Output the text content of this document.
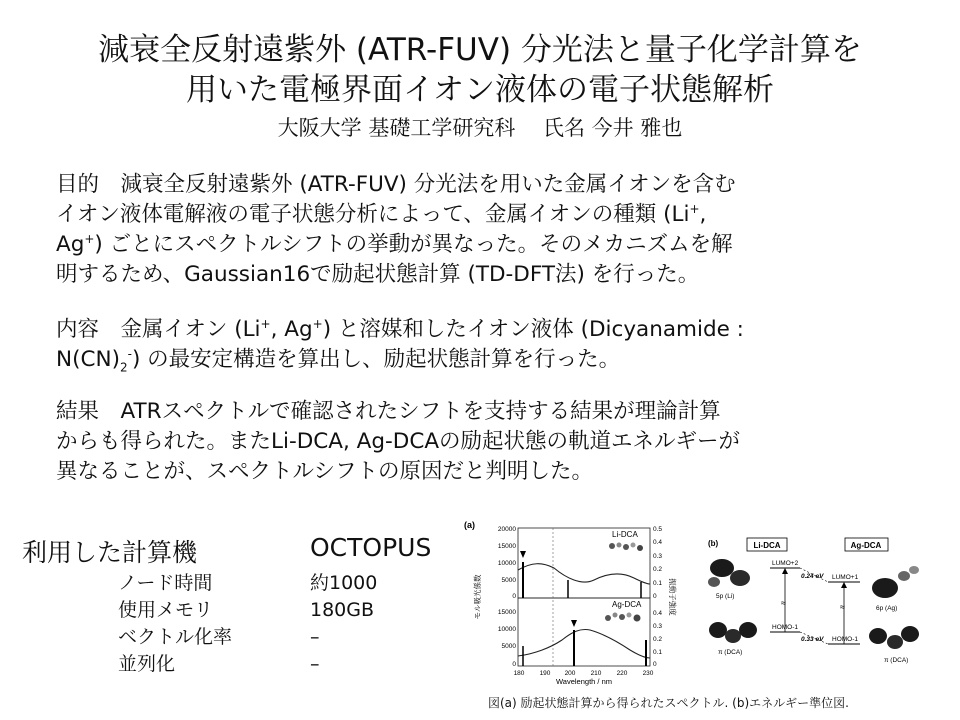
減衰全反射遠紫外 (ATR-FUV) 分光法と量子化学計算を
用いた電極界面イオン液体の電子状態解析
大阪大学 基礎工学研究科　 氏名 今井 雅也
目的　減衰全反射遠紫外 (ATR-FUV) 分光法を用いた金属イオンを含む
イオン液体電解液の電子状態分析によって、金属イオンの種類 (Li+,
Ag+) ごとにスペクトルシフトの挙動が異なった。そのメカニズムを解
明するため、Gaussian16で励起状態計算 (TD-DFT法) を行った。
内容　金属イオン (Li+, Ag+) と溶媒和したイオン液体 (Dicyanamide :
$N(CN)_2^-$) の最安定構造を算出し、励起状態計算を行った。
結果　ATRスペクトルで確認されたシフトを支持する結果が理論計算
からも得られた。またLi-DCA, Ag-DCAの励起状態の軌道エネルギーが
異なることが、スペクトルシフトの原因だと判明した。
利用した計算機	OCTOPUS
ノード時間	約1000
使用メモリ	180GB
ベクトル化率	–
並列化	–
(a)
Li-DCA
Ag-DCA
20000
15000
10000
5000
0
15000
10000
5000
0
0.5
0.4
0.3
0.2
0.1
0
0.4
0.3
0.2
0.1
0
180 190 200 210 220 230
Wavelength / nm
モル吸光係数	振動子強度
(b)	Li-DCA	Ag-DCA
LUMO+2
LUMO+1
0.24 eV
HOMO-1
HOMO-1
0.33 eV
≈	≈
5p (Li)
6p (Ag)
π (DCA)
π (DCA)
図(a) 励起状態計算から得られたスペクトル. (b)エネルギー準位図.
